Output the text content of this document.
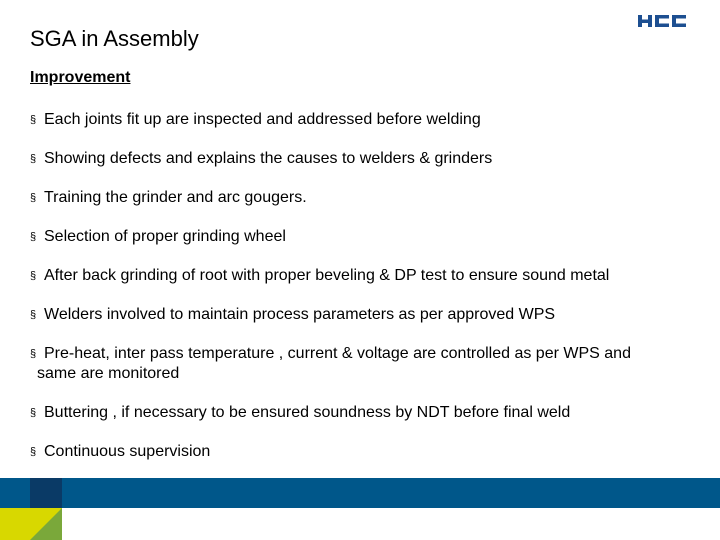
SGA in Assembly
Improvement
§ Each joints fit up are inspected and addressed before welding
§ Showing defects and explains the causes to welders & grinders
§ Training the grinder and arc gougers.
§ Selection of proper grinding wheel
§ After back grinding of root with proper beveling & DP test to ensure sound metal
§ Welders involved to maintain process parameters as per approved WPS
§ Pre-heat, inter pass temperature , current & voltage are controlled as per WPS and
same are monitored
§ Buttering , if necessary to be ensured soundness by NDT before final weld
§ Continuous supervision
